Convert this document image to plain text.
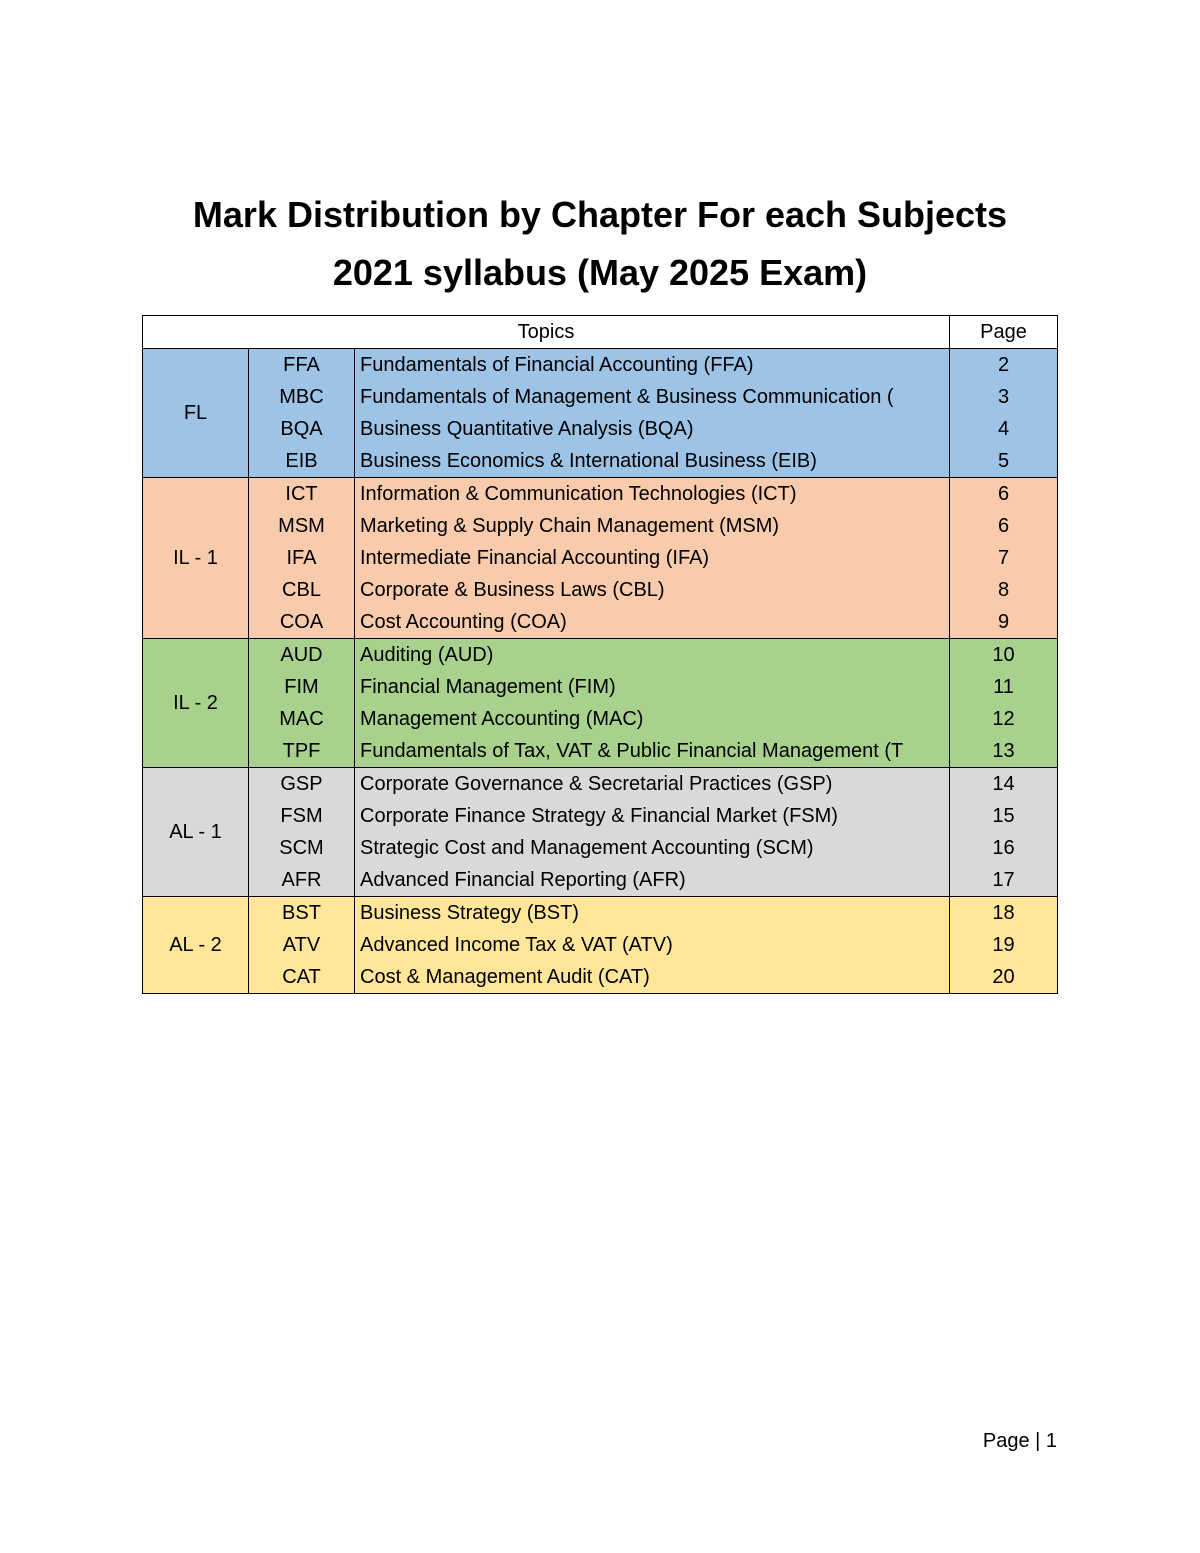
Mark Distribution by Chapter For each Subjects
2021 syllabus (May 2025 Exam)
Topics			Page
FL	FFA	Fundamentals of Financial Accounting (FFA)	2
	MBC	Fundamentals of Management & Business Communication (	3
	BQA	Business Quantitative Analysis (BQA)	4
	EIB	Business Economics & International Business (EIB)	5
IL - 1	ICT	Information & Communication Technologies (ICT)	6
	MSM	Marketing & Supply Chain Management (MSM)	6
	IFA	Intermediate Financial Accounting (IFA)	7
	CBL	Corporate & Business Laws (CBL)	8
	COA	Cost Accounting (COA)	9
IL - 2	AUD	Auditing (AUD)	10
	FIM	Financial Management (FIM)	11
	MAC	Management Accounting (MAC)	12
	TPF	Fundamentals of Tax, VAT & Public Financial Management (T	13
AL - 1	GSP	Corporate Governance & Secretarial Practices (GSP)	14
	FSM	Corporate Finance Strategy & Financial Market (FSM)	15
	SCM	Strategic Cost and Management Accounting (SCM)	16
	AFR	Advanced Financial Reporting (AFR)	17
AL - 2	BST	Business Strategy (BST)	18
	ATV	Advanced Income Tax & VAT (ATV)	19
	CAT	Cost & Management Audit (CAT)	20
Page | 1
